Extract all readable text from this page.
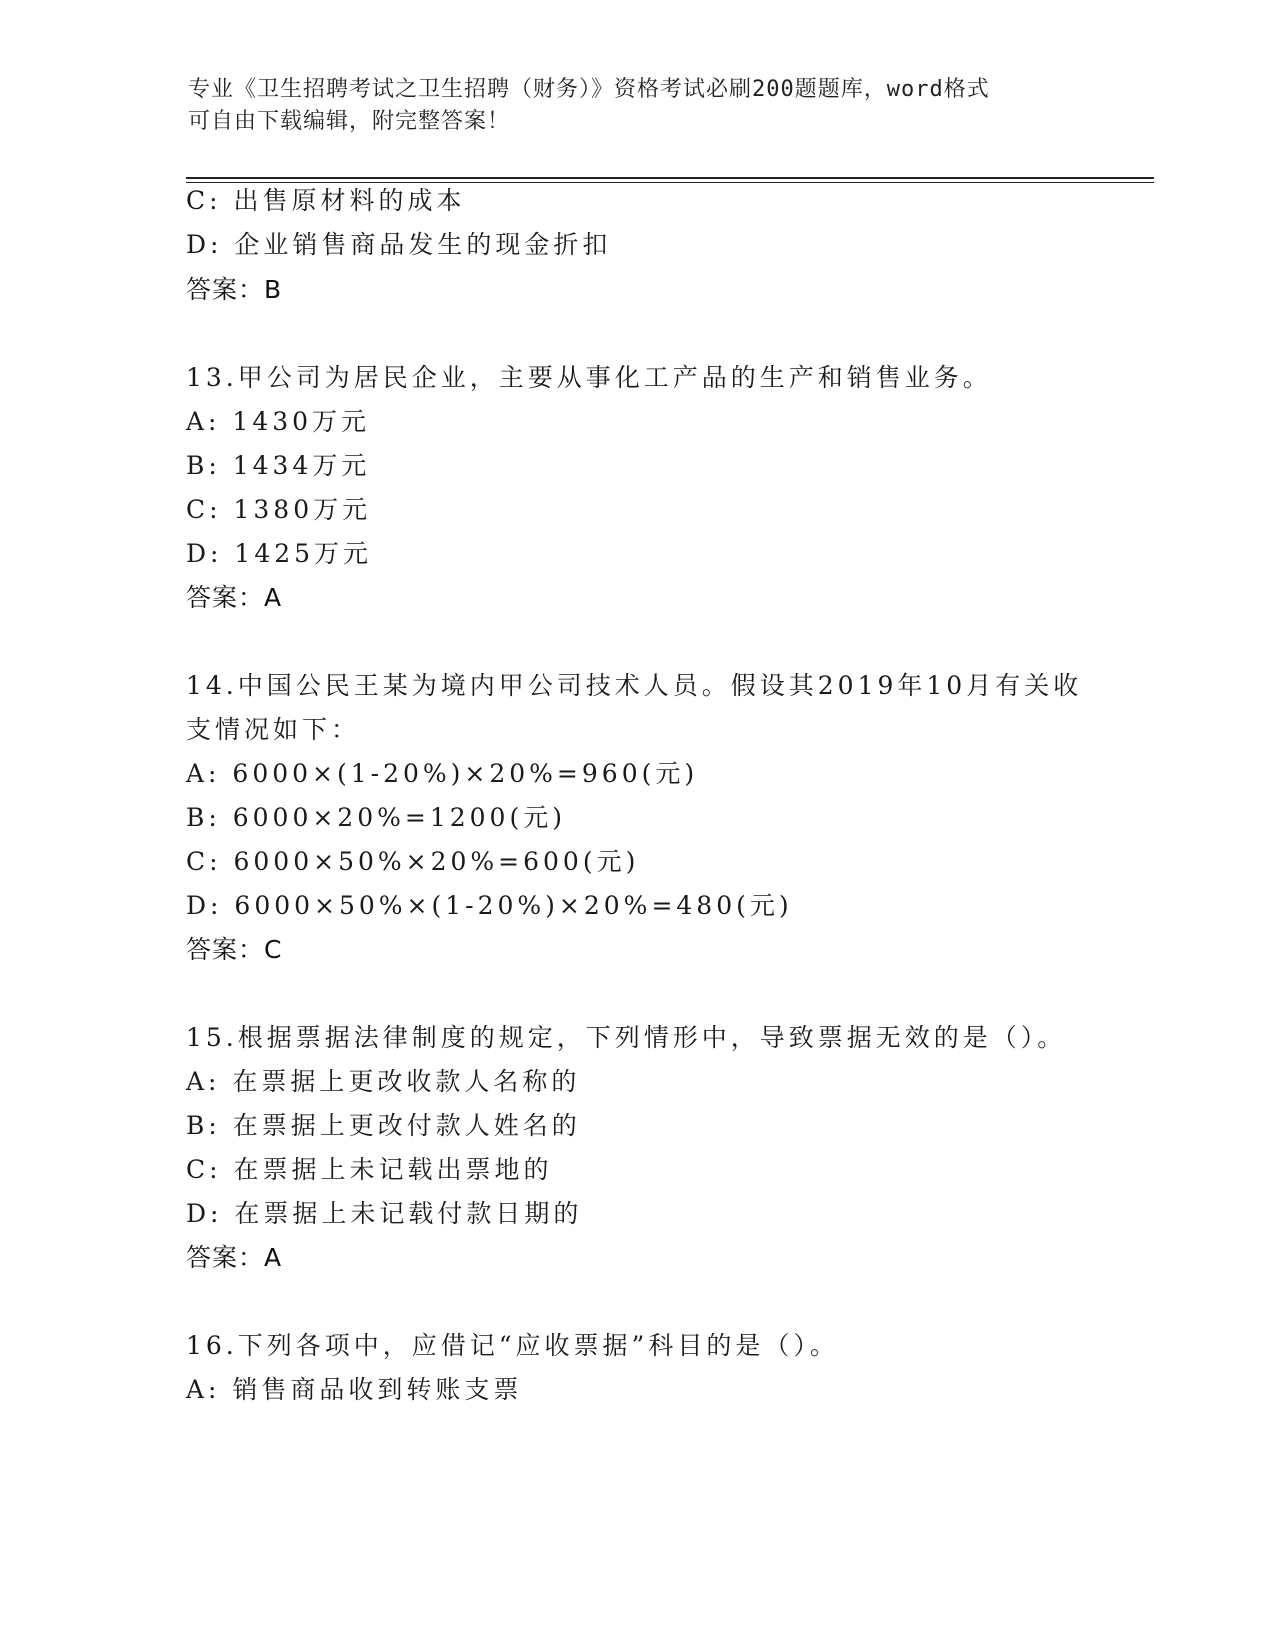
专业《卫生招聘考试之卫生招聘（财务）》资格考试必刷200题题库，word格式
可自由下载编辑，附完整答案！
C: 出售原材料的成本
D: 企业销售商品发生的现金折扣
答案：B
13.甲公司为居民企业，主要从事化工产品的生产和销售业务。
A: 1430万元
B: 1434万元
C: 1380万元
D: 1425万元
答案：A
14.中国公民王某为境内甲公司技术人员。假设其2019年10月有关收
支情况如下：
A: 6000×(1-20%)×20%=960(元)
B: 6000×20%=1200(元)
C: 6000×50%×20%=600(元)
D: 6000×50%×(1-20%)×20%=480(元)
答案：C
15.根据票据法律制度的规定，下列情形中，导致票据无效的是（）。
A: 在票据上更改收款人名称的
B: 在票据上更改付款人姓名的
C: 在票据上未记载出票地的
D: 在票据上未记载付款日期的
答案：A
16.下列各项中，应借记“应收票据”科目的是（）。
A: 销售商品收到转账支票
